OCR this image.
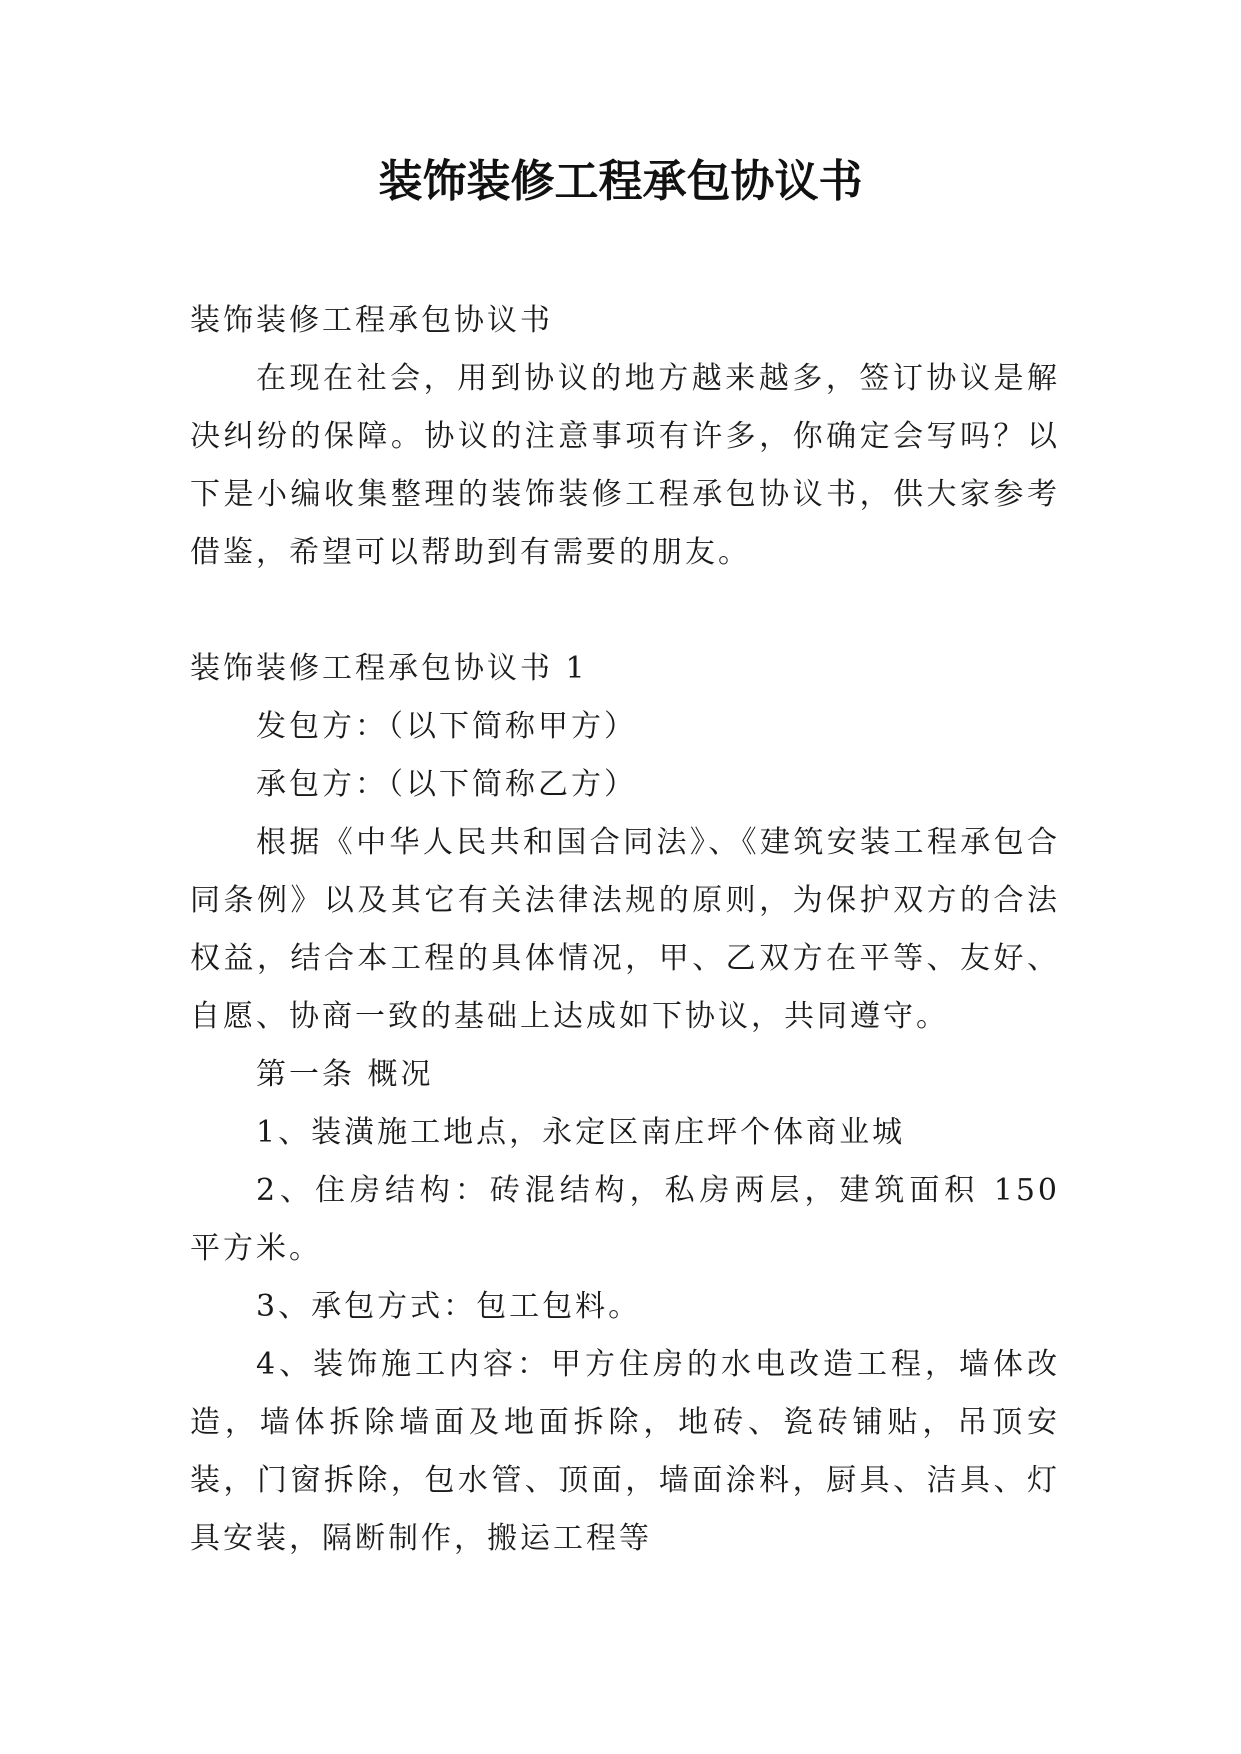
装饰装修工程承包协议书

装饰装修工程承包协议书

在现在社会，用到协议的地方越来越多，签订协议是解决纠纷的保障。协议的注意事项有许多，你确定会写吗？以下是小编收集整理的装饰装修工程承包协议书，供大家参考借鉴，希望可以帮助到有需要的朋友。

装饰装修工程承包协议书 1

发包方：（以下简称甲方）

承包方：（以下简称乙方）

根据《中华人民共和国合同法》、《建筑安装工程承包合同条例》以及其它有关法律法规的原则，为保护双方的合法权益，结合本工程的具体情况，甲、乙双方在平等、友好、自愿、协商一致的基础上达成如下协议，共同遵守。

第一条 概况

1、装潢施工地点，永定区南庄坪个体商业城

2、住房结构：砖混结构，私房两层，建筑面积 150 平方米。

3、承包方式：包工包料。

4、装饰施工内容：甲方住房的水电改造工程，墙体改造，墙体拆除墙面及地面拆除，地砖、瓷砖铺贴，吊顶安装，门窗拆除，包水管、顶面，墙面涂料，厨具、洁具、灯具安装，隔断制作，搬运工程等
